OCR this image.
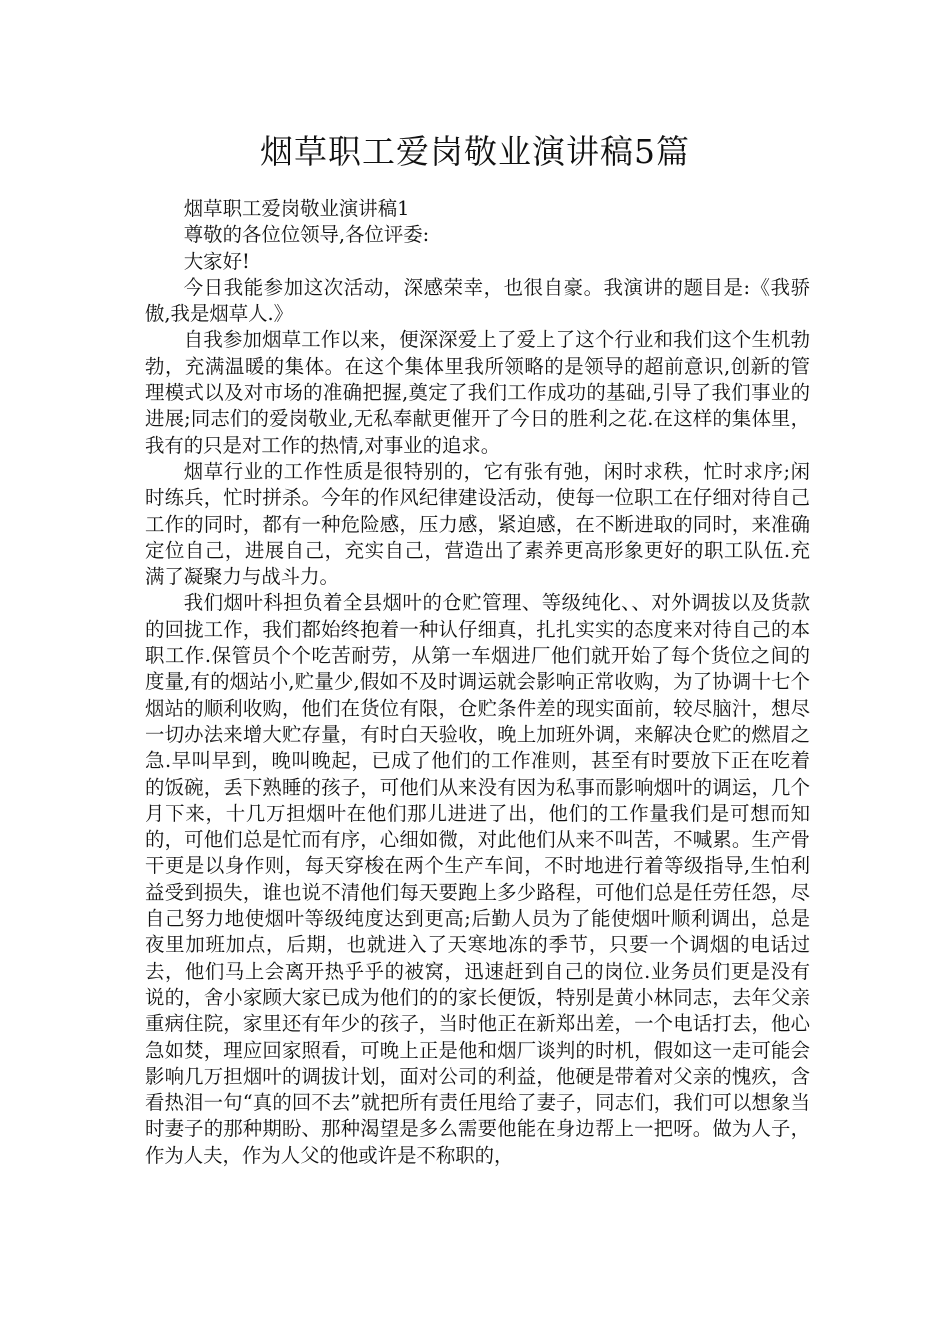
烟草职工爱岗敬业演讲稿5篇

烟草职工爱岗敬业演讲稿1

尊敬的各位位领导,各位评委:

大家好!

今日我能参加这次活动，深感荣幸，也很自豪。我演讲的题目是:《我骄傲,我是烟草人.》

自我参加烟草工作以来，便深深爱上了爱上了这个行业和我们这个生机勃勃，充满温暖的集体。在这个集体里我所领略的是领导的超前意识,创新的管理模式以及对市场的准确把握,奠定了我们工作成功的基础,引导了我们事业的进展;同志们的爱岗敬业,无私奉献更催开了今日的胜利之花.在这样的集体里，我有的只是对工作的热情,对事业的追求。

烟草行业的工作性质是很特别的，它有张有弛，闲时求秩，忙时求序;闲时练兵，忙时拼杀。今年的作风纪律建设活动，使每一位职工在仔细对待自己工作的同时，都有一种危险感，压力感，紧迫感，在不断进取的同时，来准确定位自己，进展自己，充实自己，营造出了素养更高形象更好的职工队伍.充满了凝聚力与战斗力。

我们烟叶科担负着全县烟叶的仓贮管理、等级纯化、、对外调拔以及货款的回拢工作，我们都始终抱着一种认仔细真，扎扎实实的态度来对待自己的本职工作.保管员个个吃苦耐劳，从第一车烟进厂他们就开始了每个货位之间的度量,有的烟站小,贮量少,假如不及时调运就会影响正常收购，为了协调十七个烟站的顺利收购，他们在货位有限，仓贮条件差的现实面前，较尽脑汁，想尽一切办法来增大贮存量，有时白天验收，晚上加班外调，来解决仓贮的燃眉之急.早叫早到，晚叫晚起，已成了他们的工作准则，甚至有时要放下正在吃着的饭碗，丢下熟睡的孩子，可他们从来没有因为私事而影响烟叶的调运，几个月下来，十几万担烟叶在他们那儿进进了出，他们的工作量我们是可想而知的，可他们总是忙而有序，心细如微，对此他们从来不叫苦，不喊累。生产骨干更是以身作则，每天穿梭在两个生产车间，不时地进行着等级指导,生怕利益受到损失，谁也说不清他们每天要跑上多少路程，可他们总是任劳任怨，尽自己努力地使烟叶等级纯度达到更高;后勤人员为了能使烟叶顺利调出，总是夜里加班加点，后期，也就进入了天寒地冻的季节，只要一个调烟的电话过去，他们马上会离开热乎乎的被窝，迅速赶到自己的岗位.业务员们更是没有说的，舍小家顾大家已成为他们的的家长便饭，特别是黄小林同志，去年父亲重病住院，家里还有年少的孩子，当时他正在新郑出差，一个电话打去，他心急如焚，理应回家照看，可晚上正是他和烟厂谈判的时机，假如这一走可能会影响几万担烟叶的调拔计划，面对公司的利益，他硬是带着对父亲的愧疚，含看热泪一句“真的回不去”就把所有责任甩给了妻子，同志们，我们可以想象当时妻子的那种期盼、那种渴望是多么需要他能在身边帮上一把呀。做为人子，作为人夫，作为人父的他或许是不称职的，
